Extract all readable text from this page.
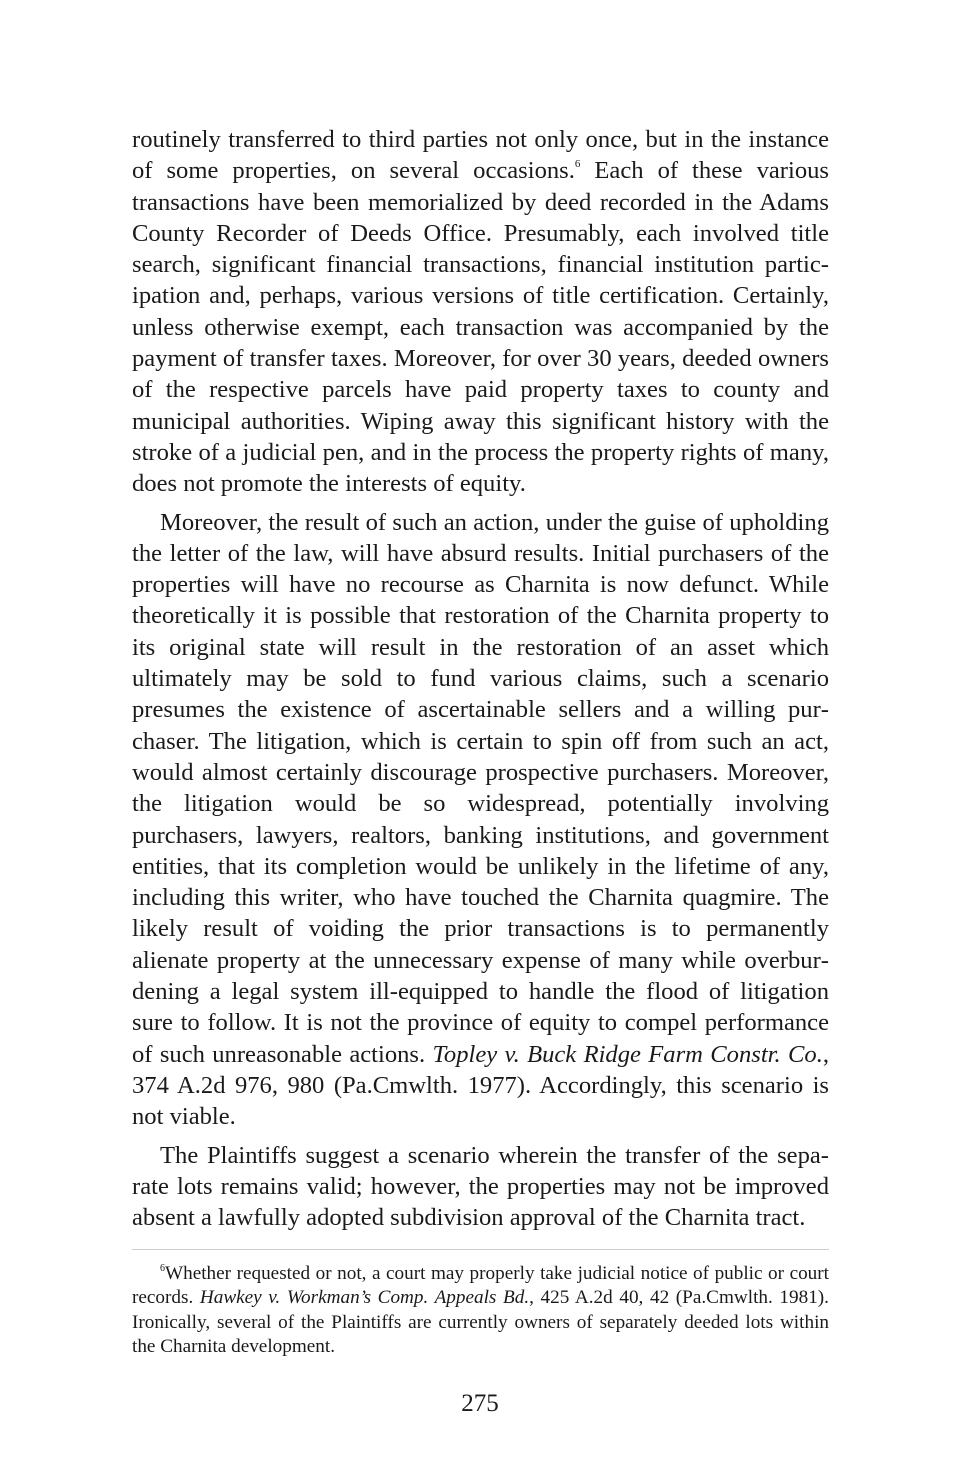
routinely transferred to third parties not only once, but in the instance of some properties, on several occasions.$^6$ Each of these various transactions have been memorialized by deed recorded in the Adams County Recorder of Deeds Office. Presumably, each involved title search, significant financial transactions, financial institution participation and, perhaps, various versions of title certification. Certainly, unless otherwise exempt, each transaction was accompanied by the payment of transfer taxes. Moreover, for over 30 years, deeded owners of the respective parcels have paid property taxes to county and municipal authorities. Wiping away this significant history with the stroke of a judicial pen, and in the process the property rights of many, does not promote the interests of equity.

Moreover, the result of such an action, under the guise of upholding the letter of the law, will have absurd results. Initial purchasers of the properties will have no recourse as Charnita is now defunct. While theoretically it is possible that restoration of the Charnita property to its original state will result in the restoration of an asset which ultimately may be sold to fund various claims, such a scenario presumes the existence of ascertainable sellers and a willing purchaser. The litigation, which is certain to spin off from such an act, would almost certainly discourage prospective purchasers. Moreover, the litigation would be so widespread, potentially involving purchasers, lawyers, realtors, banking institutions, and government entities, that its completion would be unlikely in the lifetime of any, including this writer, who have touched the Charnita quagmire. The likely result of voiding the prior transactions is to permanently alienate property at the unnecessary expense of many while overburdening a legal system ill-equipped to handle the flood of litigation sure to follow. It is not the province of equity to compel performance of such unreasonable actions. Topley v. Buck Ridge Farm Constr. Co., 374 A.2d 976, 980 (Pa.Cmwlth. 1977). Accordingly, this scenario is not viable.

The Plaintiffs suggest a scenario wherein the transfer of the separate lots remains valid; however, the properties may not be improved absent a lawfully adopted subdivision approval of the Charnita tract.

$^6$Whether requested or not, a court may properly take judicial notice of public or court records. Hawkey v. Workman’s Comp. Appeals Bd., 425 A.2d 40, 42 (Pa.Cmwlth. 1981). Ironically, several of the Plaintiffs are currently owners of separately deeded lots within the Charnita development.

275
